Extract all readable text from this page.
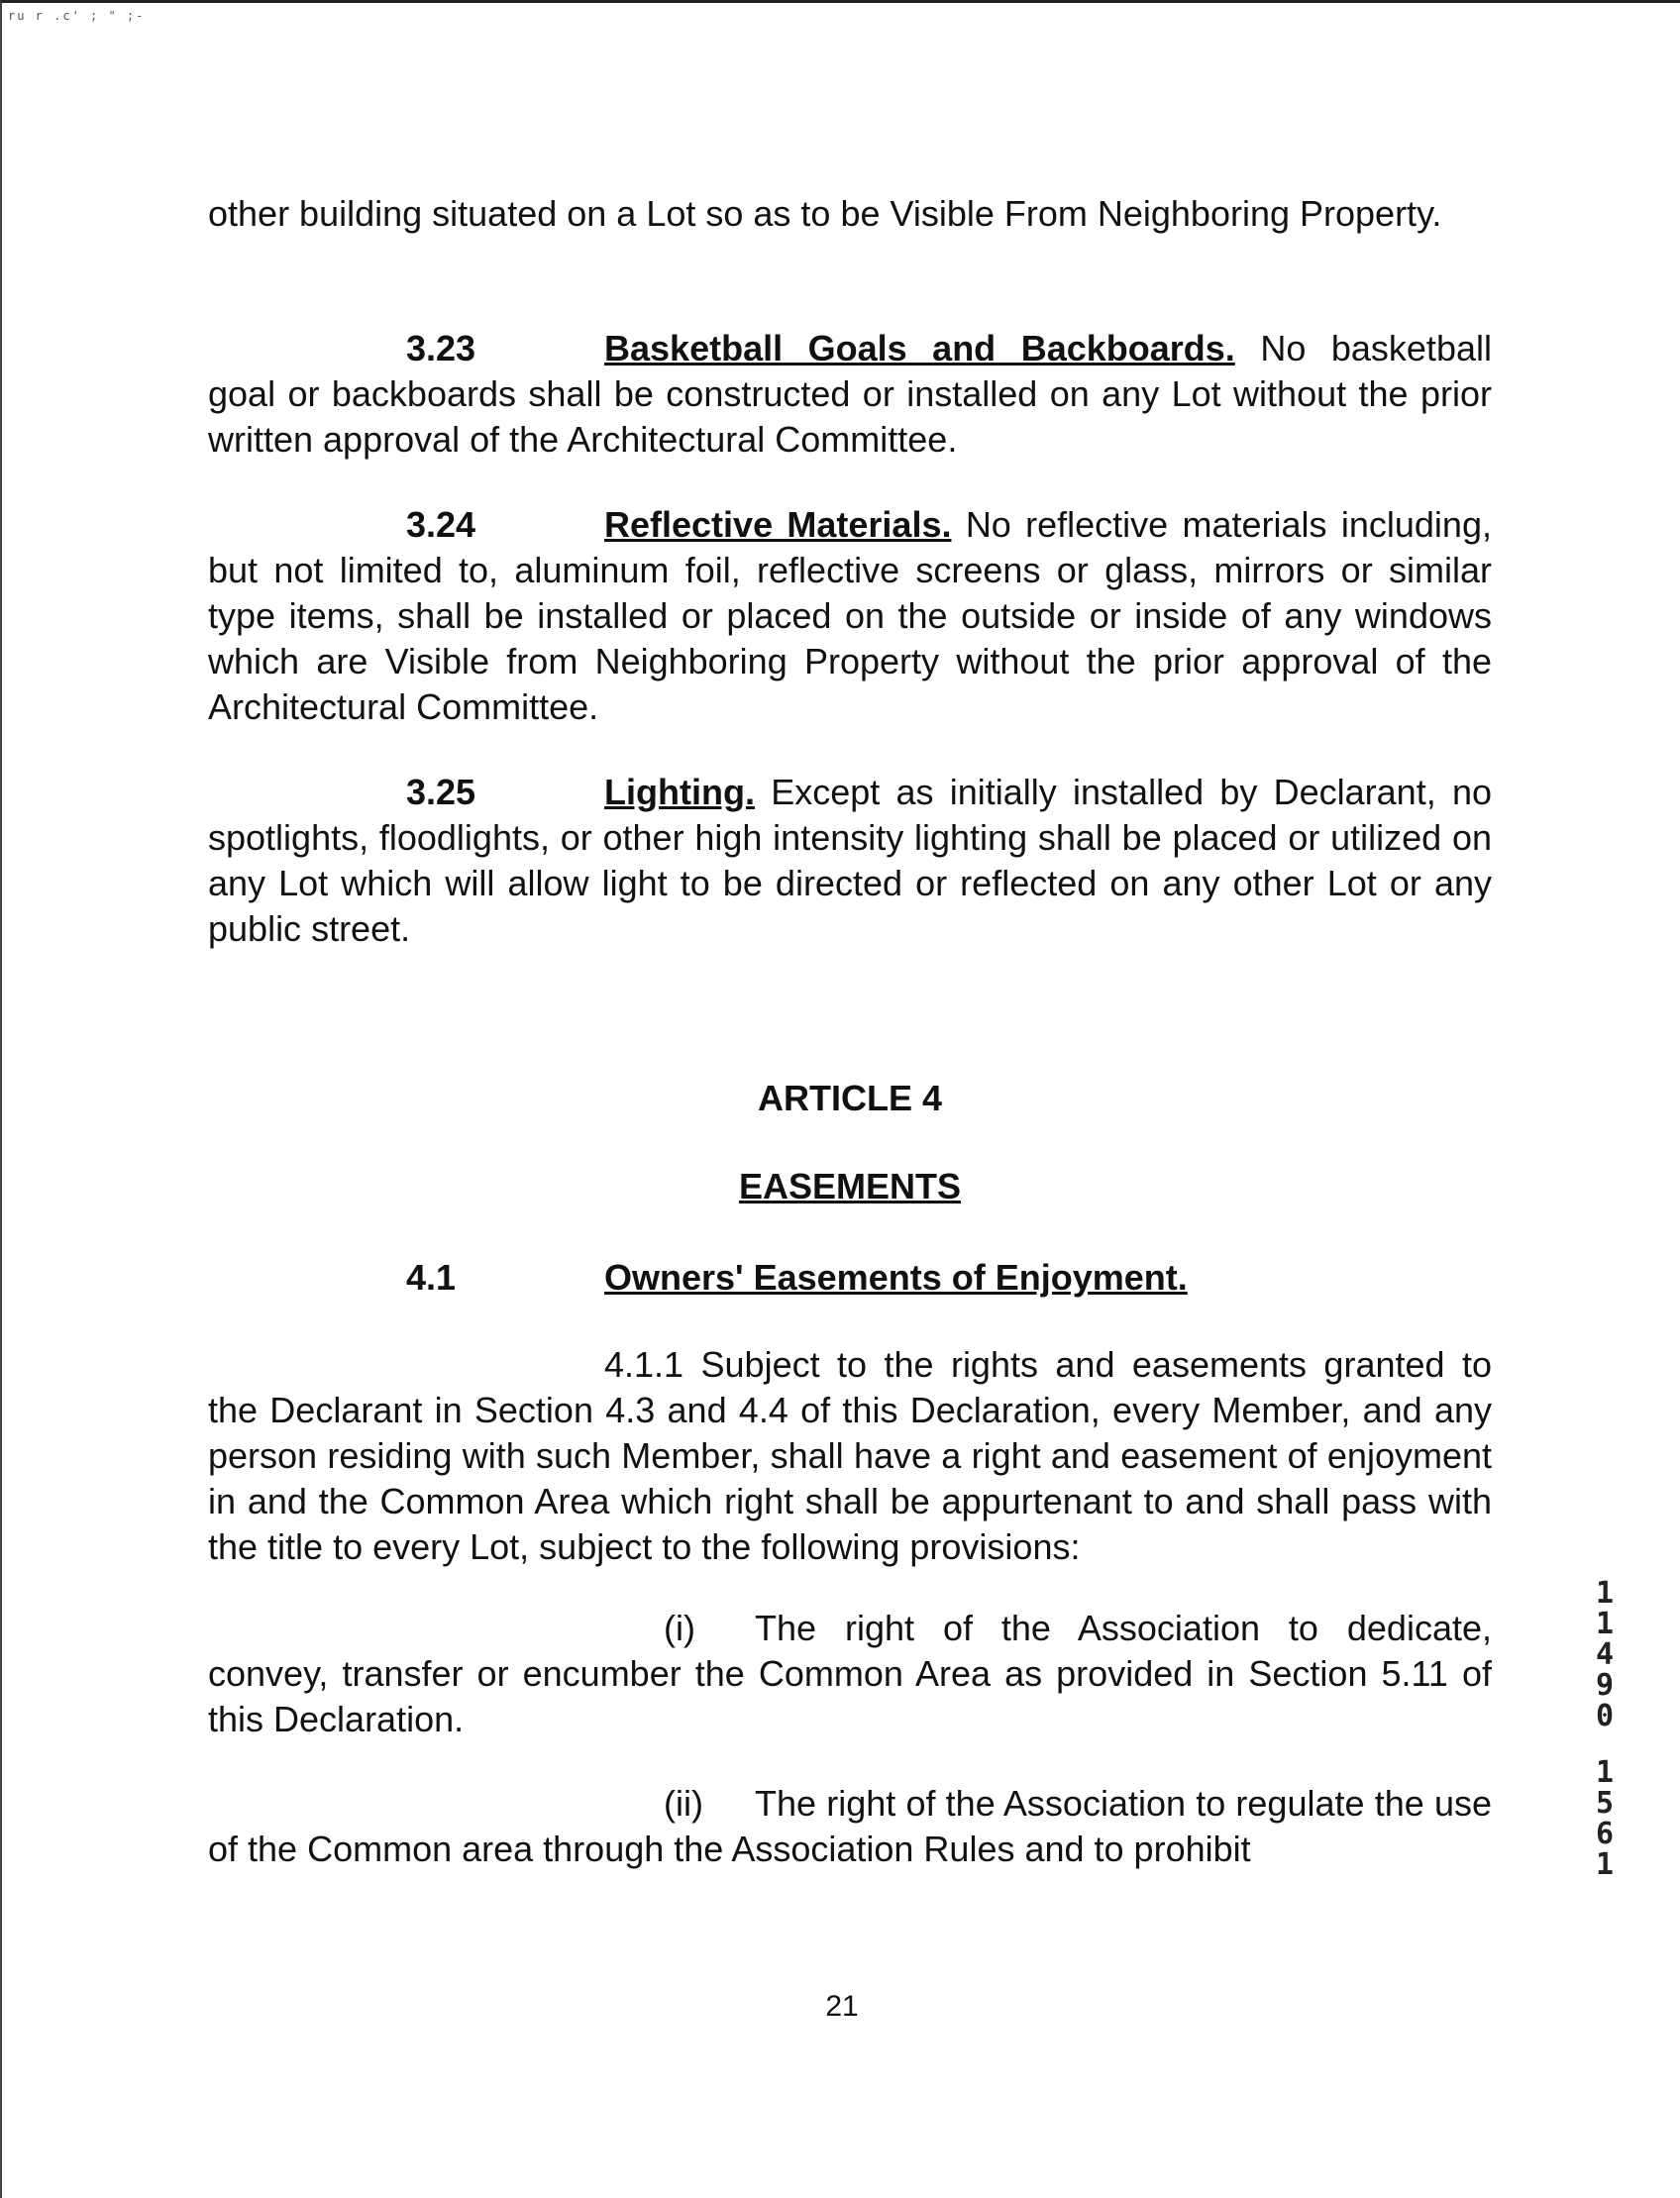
ru r .c' ; " ;-

other building situated on a Lot so as to be Visible From Neighboring Property.

3.23	Basketball Goals and Backboards. No basketball goal or backboards shall be constructed or installed on any Lot without the prior written approval of the Architectural Committee.

3.24	Reflective Materials. No reflective materials including, but not limited to, aluminum foil, reflective screens or glass, mirrors or similar type items, shall be installed or placed on the outside or inside of any windows which are Visible from Neighboring Property without the prior approval of the Architectural Committee.

3.25	Lighting. Except as initially installed by Declarant, no spotlights, floodlights, or other high intensity lighting shall be placed or utilized on any Lot which will allow light to be directed or reflected on any other Lot or any public street.

ARTICLE 4
EASEMENTS
4.1	Owners' Easements of Enjoyment.

4.1.1 Subject to the rights and easements granted to the Declarant in Section 4.3 and 4.4 of this Declaration, every Member, and any person residing with such Member, shall have a right and easement of enjoyment in and the Common Area which right shall be appurtenant to and shall pass with the title to every Lot, subject to the following provisions:

(i) The right of the Association to dedicate, convey, transfer or encumber the Common Area as provided in Section 5.11 of this Declaration.

(ii) The right of the Association to regulate the use of the Common area through the Association Rules and to prohibit

1
1
4
9
0
1
5
6
1
21
